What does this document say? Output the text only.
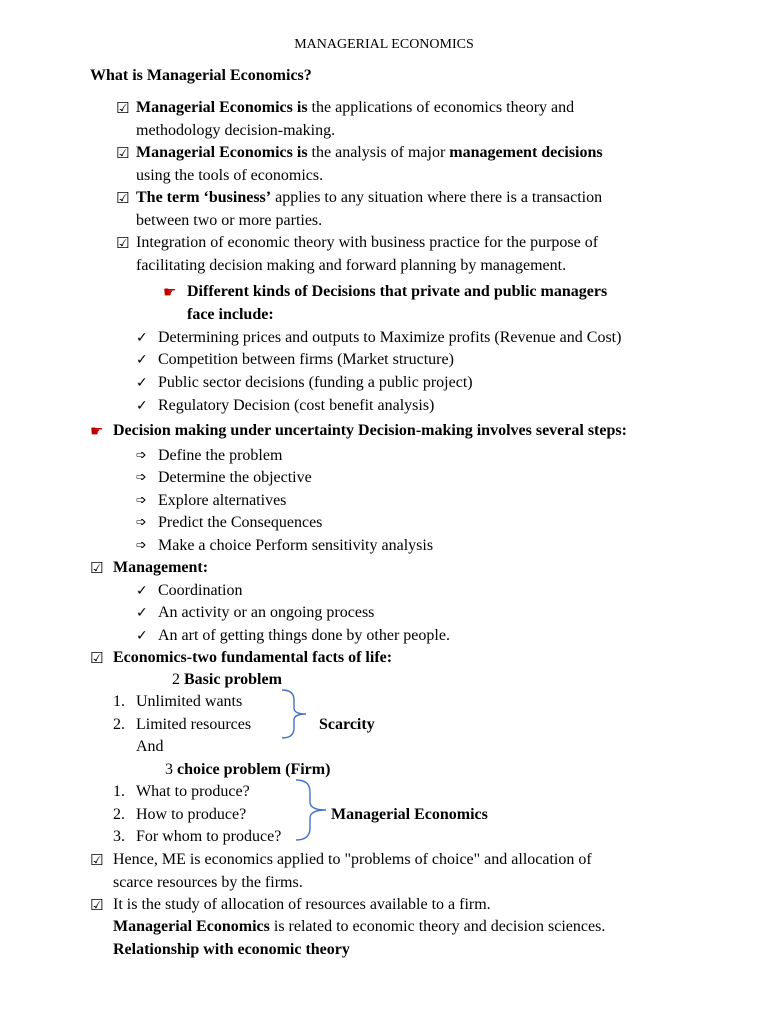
MANAGERIAL ECONOMICS
What is Managerial Economics?
☑ Managerial Economics is the applications of economics theory and
methodology decision-making.
☑ Managerial Economics is the analysis of major management decisions
using the tools of economics.
☑ The term ‘business’ applies to any situation where there is a transaction
between two or more parties.
☑ Integration of economic theory with business practice for the purpose of
facilitating decision making and forward planning by management.
☛ Different kinds of Decisions that private and public managers
face include:
✓ Determining prices and outputs to Maximize profits (Revenue and Cost)
✓ Competition between firms (Market structure)
✓ Public sector decisions (funding a public project)
✓ Regulatory Decision (cost benefit analysis)
☛ Decision making under uncertainty Decision-making involves several steps:
➩ Define the problem
➩ Determine the objective
➩ Explore alternatives
➩ Predict the Consequences
➩ Make a choice Perform sensitivity analysis
☑ Management:
✓ Coordination
✓ An activity or an ongoing process
✓ An art of getting things done by other people.
☑ Economics-two fundamental facts of life:
2 Basic problem
1. Unlimited wants
2. Limited resources	Scarcity
And
3 choice problem (Firm)
1. What to produce?
2. How to produce?
3. For whom to produce?
Managerial Economics
☑ Hence, ME is economics applied to "problems of choice" and allocation of
scarce resources by the firms.
☑ It is the study of allocation of resources available to a firm.
Managerial Economics is related to economic theory and decision sciences.
Relationship with economic theory
